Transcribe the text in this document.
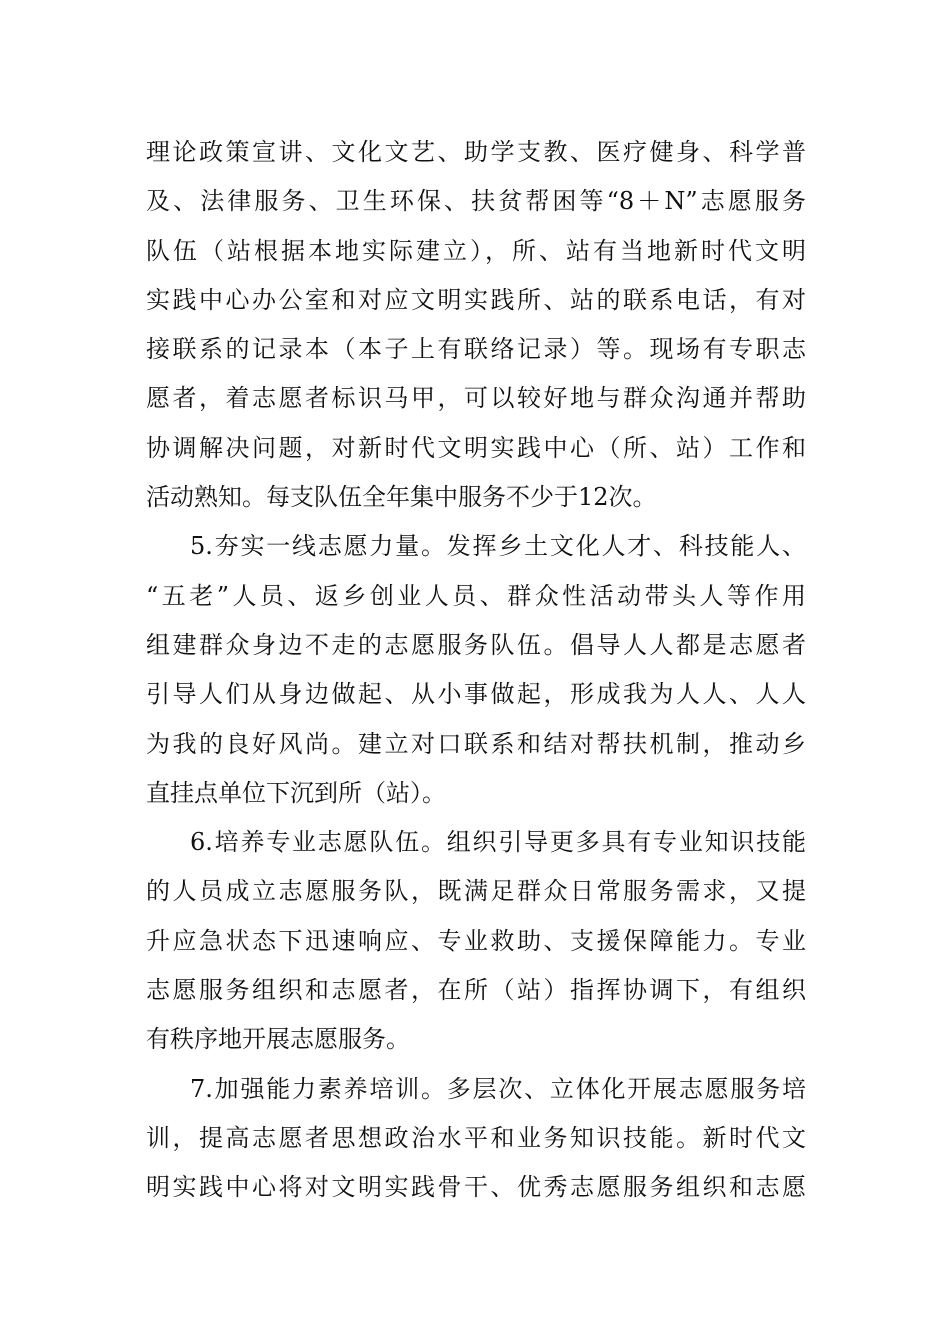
理论政策宣讲、文化文艺、助学支教、医疗健身、科学普
及、法律服务、卫生环保、扶贫帮困等“8＋N”志愿服务
队伍（站根据本地实际建立），所、站有当地新时代文明
实践中心办公室和对应文明实践所、站的联系电话，有对
接联系的记录本（本子上有联络记录）等。现场有专职志
愿者，着志愿者标识马甲，可以较好地与群众沟通并帮助
协调解决问题，对新时代文明实践中心（所、站）工作和
活动熟知。每支队伍全年集中服务不少于12次。
5.夯实一线志愿力量。发挥乡土文化人才、科技能人、
“五老”人员、返乡创业人员、群众性活动带头人等作用
组建群众身边不走的志愿服务队伍。倡导人人都是志愿者
引导人们从身边做起、从小事做起，形成我为人人、人人
为我的良好风尚。建立对口联系和结对帮扶机制，推动乡
直挂点单位下沉到所（站）。
6.培养专业志愿队伍。组织引导更多具有专业知识技能
的人员成立志愿服务队，既满足群众日常服务需求，又提
升应急状态下迅速响应、专业救助、支援保障能力。专业
志愿服务组织和志愿者，在所（站）指挥协调下，有组织
有秩序地开展志愿服务。
7.加强能力素养培训。多层次、立体化开展志愿服务培
训，提高志愿者思想政治水平和业务知识技能。新时代文
明实践中心将对文明实践骨干、优秀志愿服务组织和志愿
